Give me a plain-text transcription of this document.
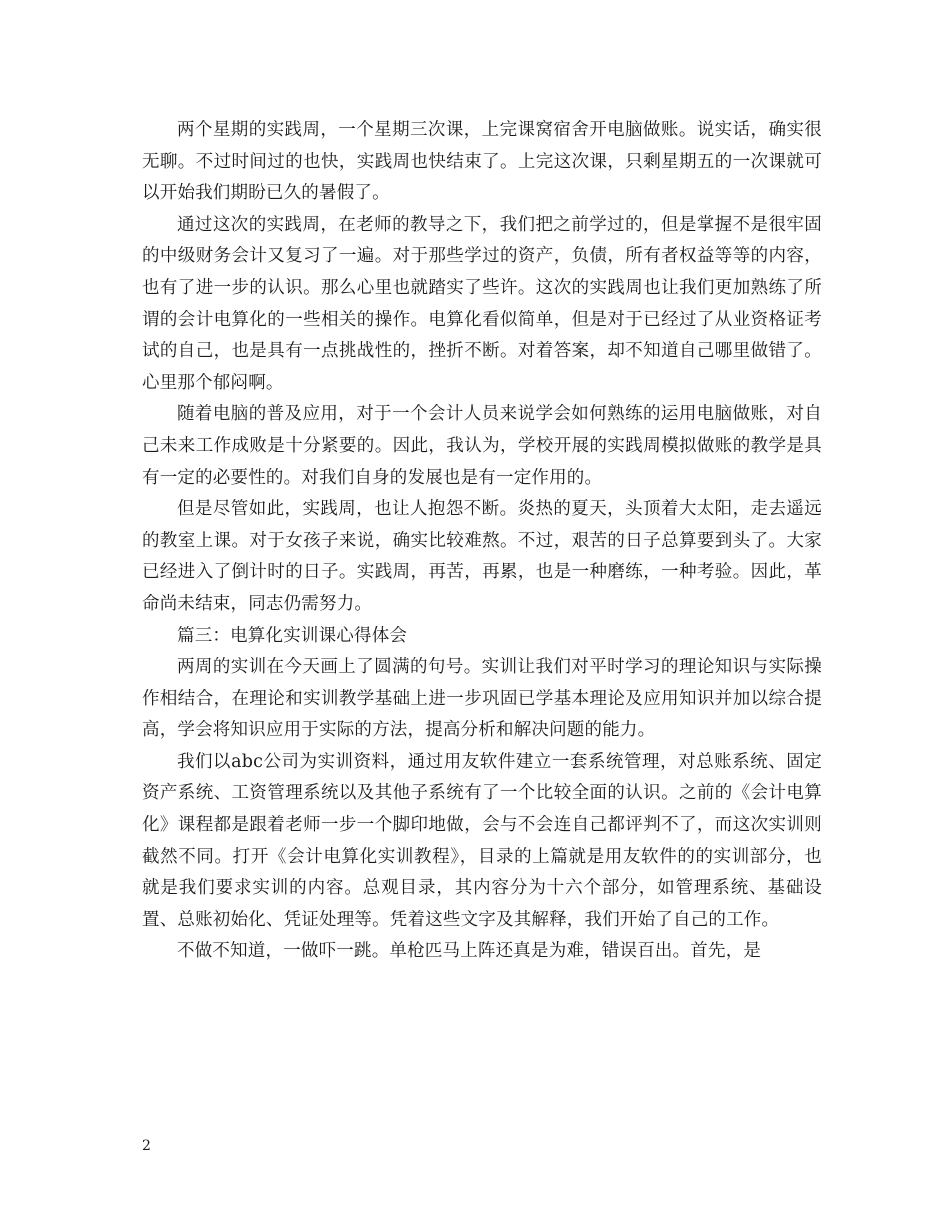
两个星期的实践周，一个星期三次课，上完课窝宿舍开电脑做账。说实话，确实很无聊。不过时间过的也快，实践周也快结束了。上完这次课，只剩星期五的一次课就可以开始我们期盼已久的暑假了。

通过这次的实践周，在老师的教导之下，我们把之前学过的，但是掌握不是很牢固的中级财务会计又复习了一遍。对于那些学过的资产，负债，所有者权益等等的内容，也有了进一步的认识。那么心里也就踏实了些许。这次的实践周也让我们更加熟练了所谓的会计电算化的一些相关的操作。电算化看似简单，但是对于已经过了从业资格证考试的自己，也是具有一点挑战性的，挫折不断。对着答案，却不知道自己哪里做错了。心里那个郁闷啊。

随着电脑的普及应用，对于一个会计人员来说学会如何熟练的运用电脑做账，对自己未来工作成败是十分紧要的。因此，我认为，学校开展的实践周模拟做账的教学是具有一定的必要性的。对我们自身的发展也是有一定作用的。

但是尽管如此，实践周，也让人抱怨不断。炎热的夏天，头顶着大太阳，走去遥远的教室上课。对于女孩子来说，确实比较难熬。不过，艰苦的日子总算要到头了。大家已经进入了倒计时的日子。实践周，再苦，再累，也是一种磨练，一种考验。因此，革命尚未结束，同志仍需努力。

篇三：电算化实训课心得体会

两周的实训在今天画上了圆满的句号。实训让我们对平时学习的理论知识与实际操作相结合，在理论和实训教学基础上进一步巩固已学基本理论及应用知识并加以综合提高，学会将知识应用于实际的方法，提高分析和解决问题的能力。

我们以abc公司为实训资料，通过用友软件建立一套系统管理，对总账系统、固定资产系统、工资管理系统以及其他子系统有了一个比较全面的认识。之前的《会计电算化》课程都是跟着老师一步一个脚印地做，会与不会连自己都评判不了，而这次实训则截然不同。打开《会计电算化实训教程》，目录的上篇就是用友软件的的实训部分，也就是我们要求实训的内容。总观目录，其内容分为十六个部分，如管理系统、基础设置、总账初始化、凭证处理等。凭着这些文字及其解释，我们开始了自己的工作。

不做不知道，一做吓一跳。单枪匹马上阵还真是为难，错误百出。首先，是

2
